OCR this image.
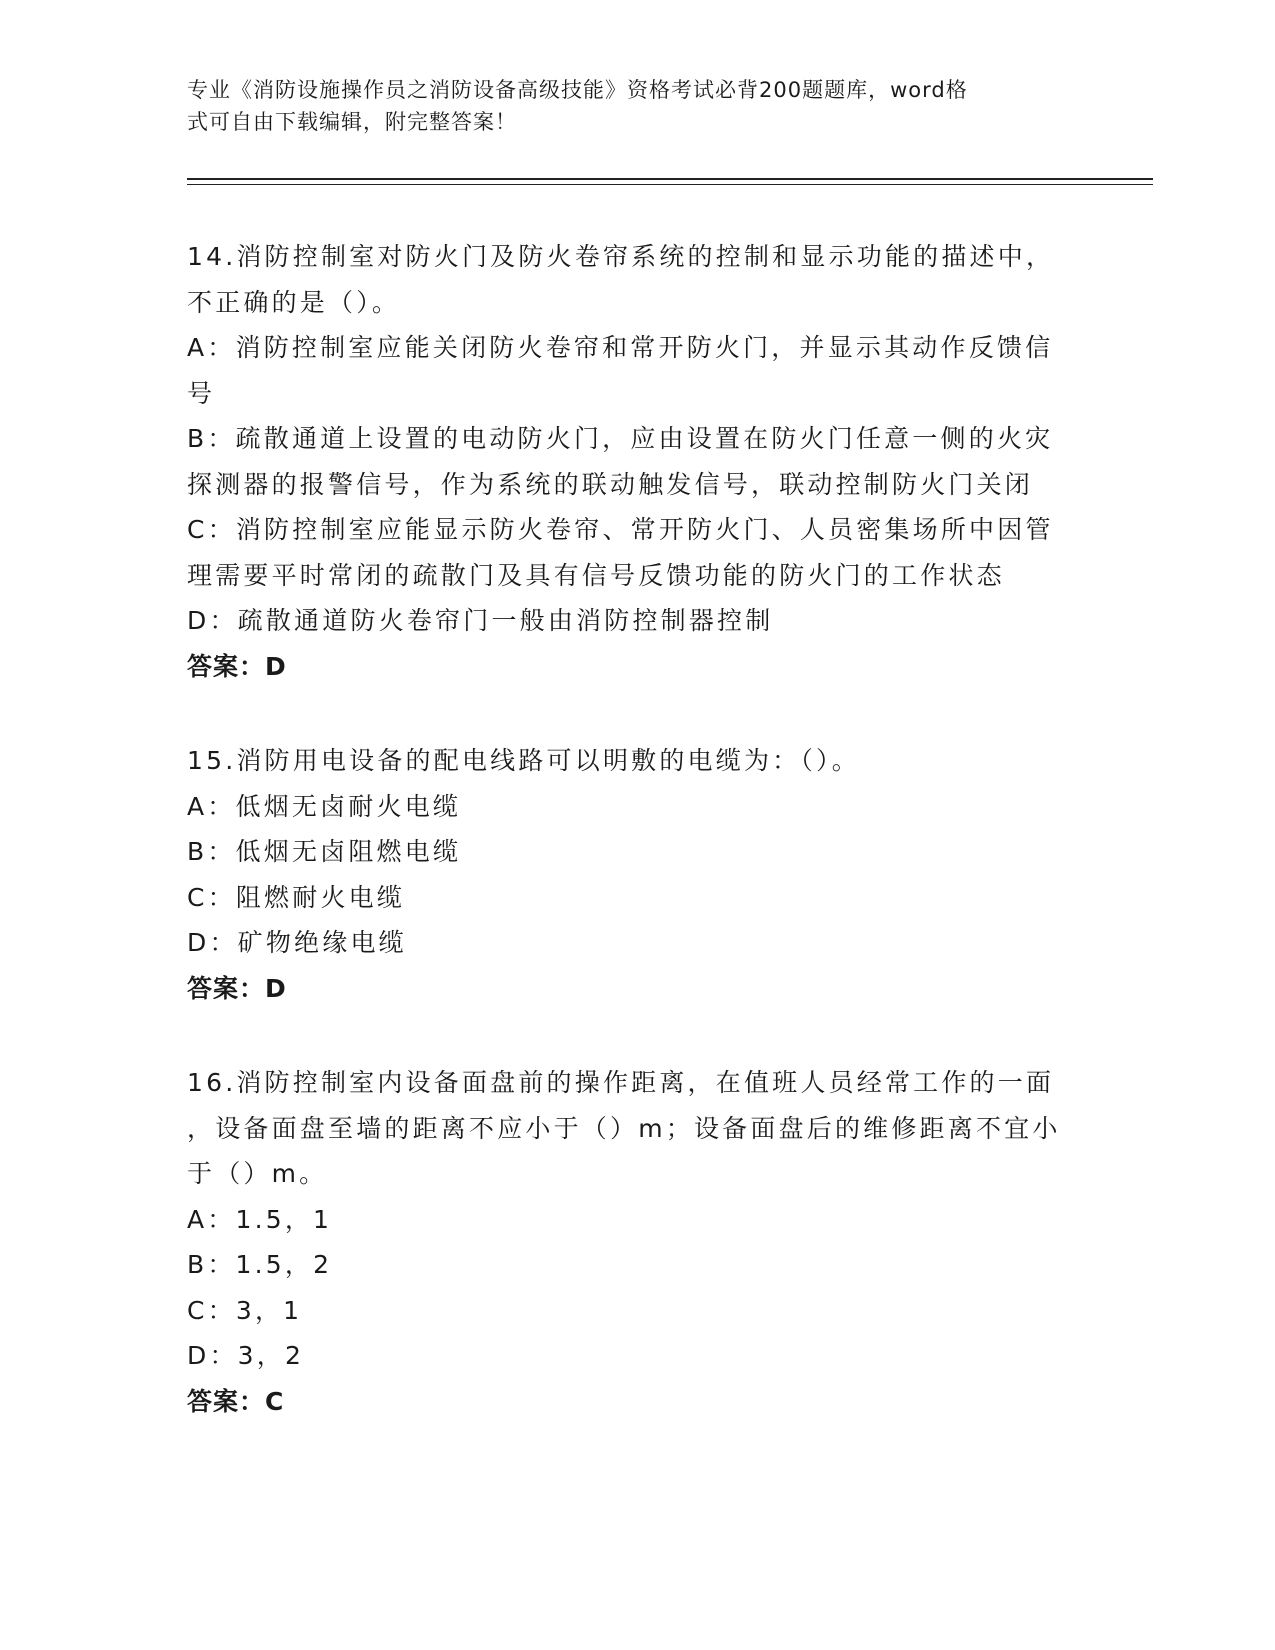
专业《消防设施操作员之消防设备高级技能》资格考试必背200题题库，word格
式可自由下载编辑，附完整答案！
14.消防控制室对防火门及防火卷帘系统的控制和显示功能的描述中，
不正确的是（）。
A：消防控制室应能关闭防火卷帘和常开防火门，并显示其动作反馈信
号
B：疏散通道上设置的电动防火门，应由设置在防火门任意一侧的火灾
探测器的报警信号，作为系统的联动触发信号，联动控制防火门关闭
C：消防控制室应能显示防火卷帘、常开防火门、人员密集场所中因管
理需要平时常闭的疏散门及具有信号反馈功能的防火门的工作状态
D：疏散通道防火卷帘门一般由消防控制器控制
答案：D
15.消防用电设备的配电线路可以明敷的电缆为：（）。
A：低烟无卤耐火电缆
B：低烟无卤阻燃电缆
C：阻燃耐火电缆
D：矿物绝缘电缆
答案：D
16.消防控制室内设备面盘前的操作距离，在值班人员经常工作的一面
，设备面盘至墙的距离不应小于（）m；设备面盘后的维修距离不宜小
于（）m。
A：1.5，1
B：1.5，2
C：3，1
D：3，2
答案：C
